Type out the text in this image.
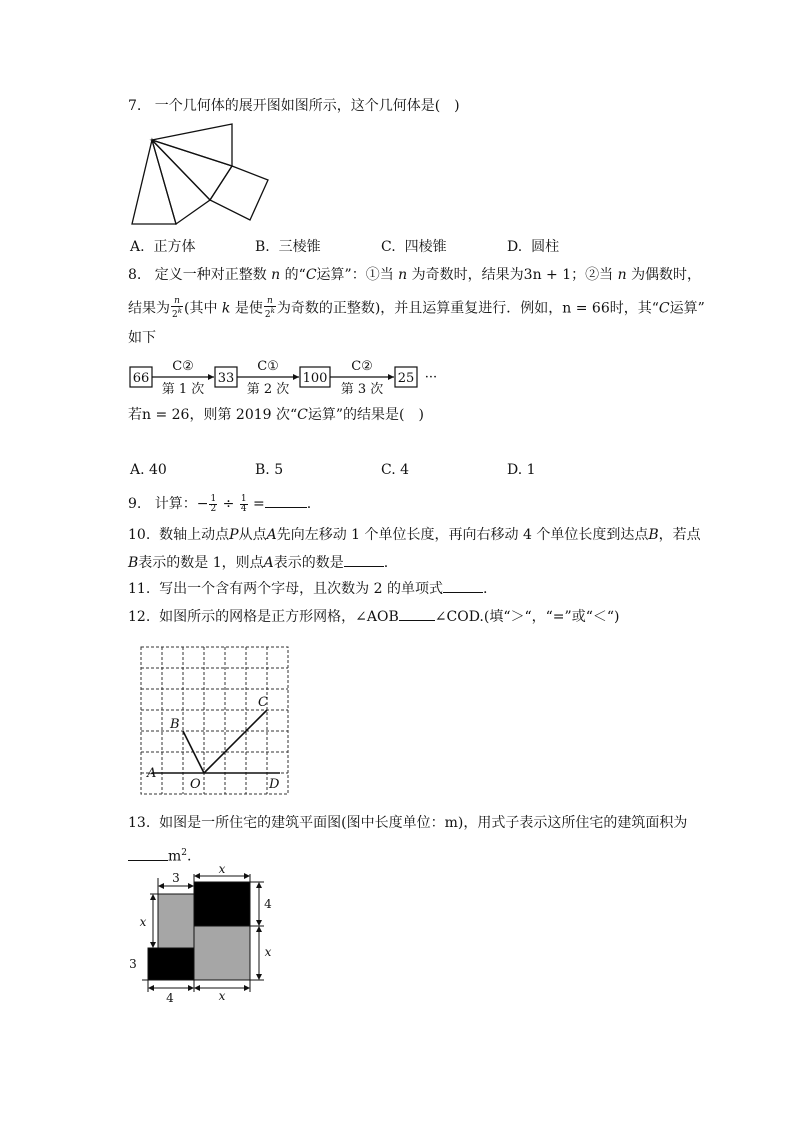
7. 一个几何体的展开图如图所示，这个几何体是(　)
A. 正方体	B. 三棱锥	C. 四棱锥	D. 圆柱
8. 定义一种对正整数 n 的“C运算”：①当 n 为奇数时，结果为3n + 1；②当 n 为偶数时，
结果为 $\frac{n}{2^k}$ (其中 k 是使 $\frac{n}{2^k}$ 为奇数的正整数)，并且运算重复进行．例如，n = 66时，其“C运算”
如下
66	33	100	25
C②	C①	C②
第 1 次	第 2 次	第 3 次
···
若n = 26，则第 2019 次“C运算”的结果是(　)
A. 40	B. 5	C. 4	D. 1
9. 计算：− $\frac{1}{2} \div \frac{1}{4}$ =	.
10. 数轴上动点P从点A先向左移动 1 个单位长度，再向右移动 4 个单位长度到达点B，若点
B表示的数是 1，则点A表示的数是	.
11. 写出一个含有两个字母，且次数为 2 的单项式	.
12. 如图所示的网格是正方形网格，∠AOB	∠COD.(填“＞“，“=”或“＜“)
A
B
C
O	D
13. 如图是一所住宅的建筑平面图(图中长度单位：m)，用式子表示这所住宅的建筑面积为
$m^2$.
3
x
x
4
3
x
4	x
